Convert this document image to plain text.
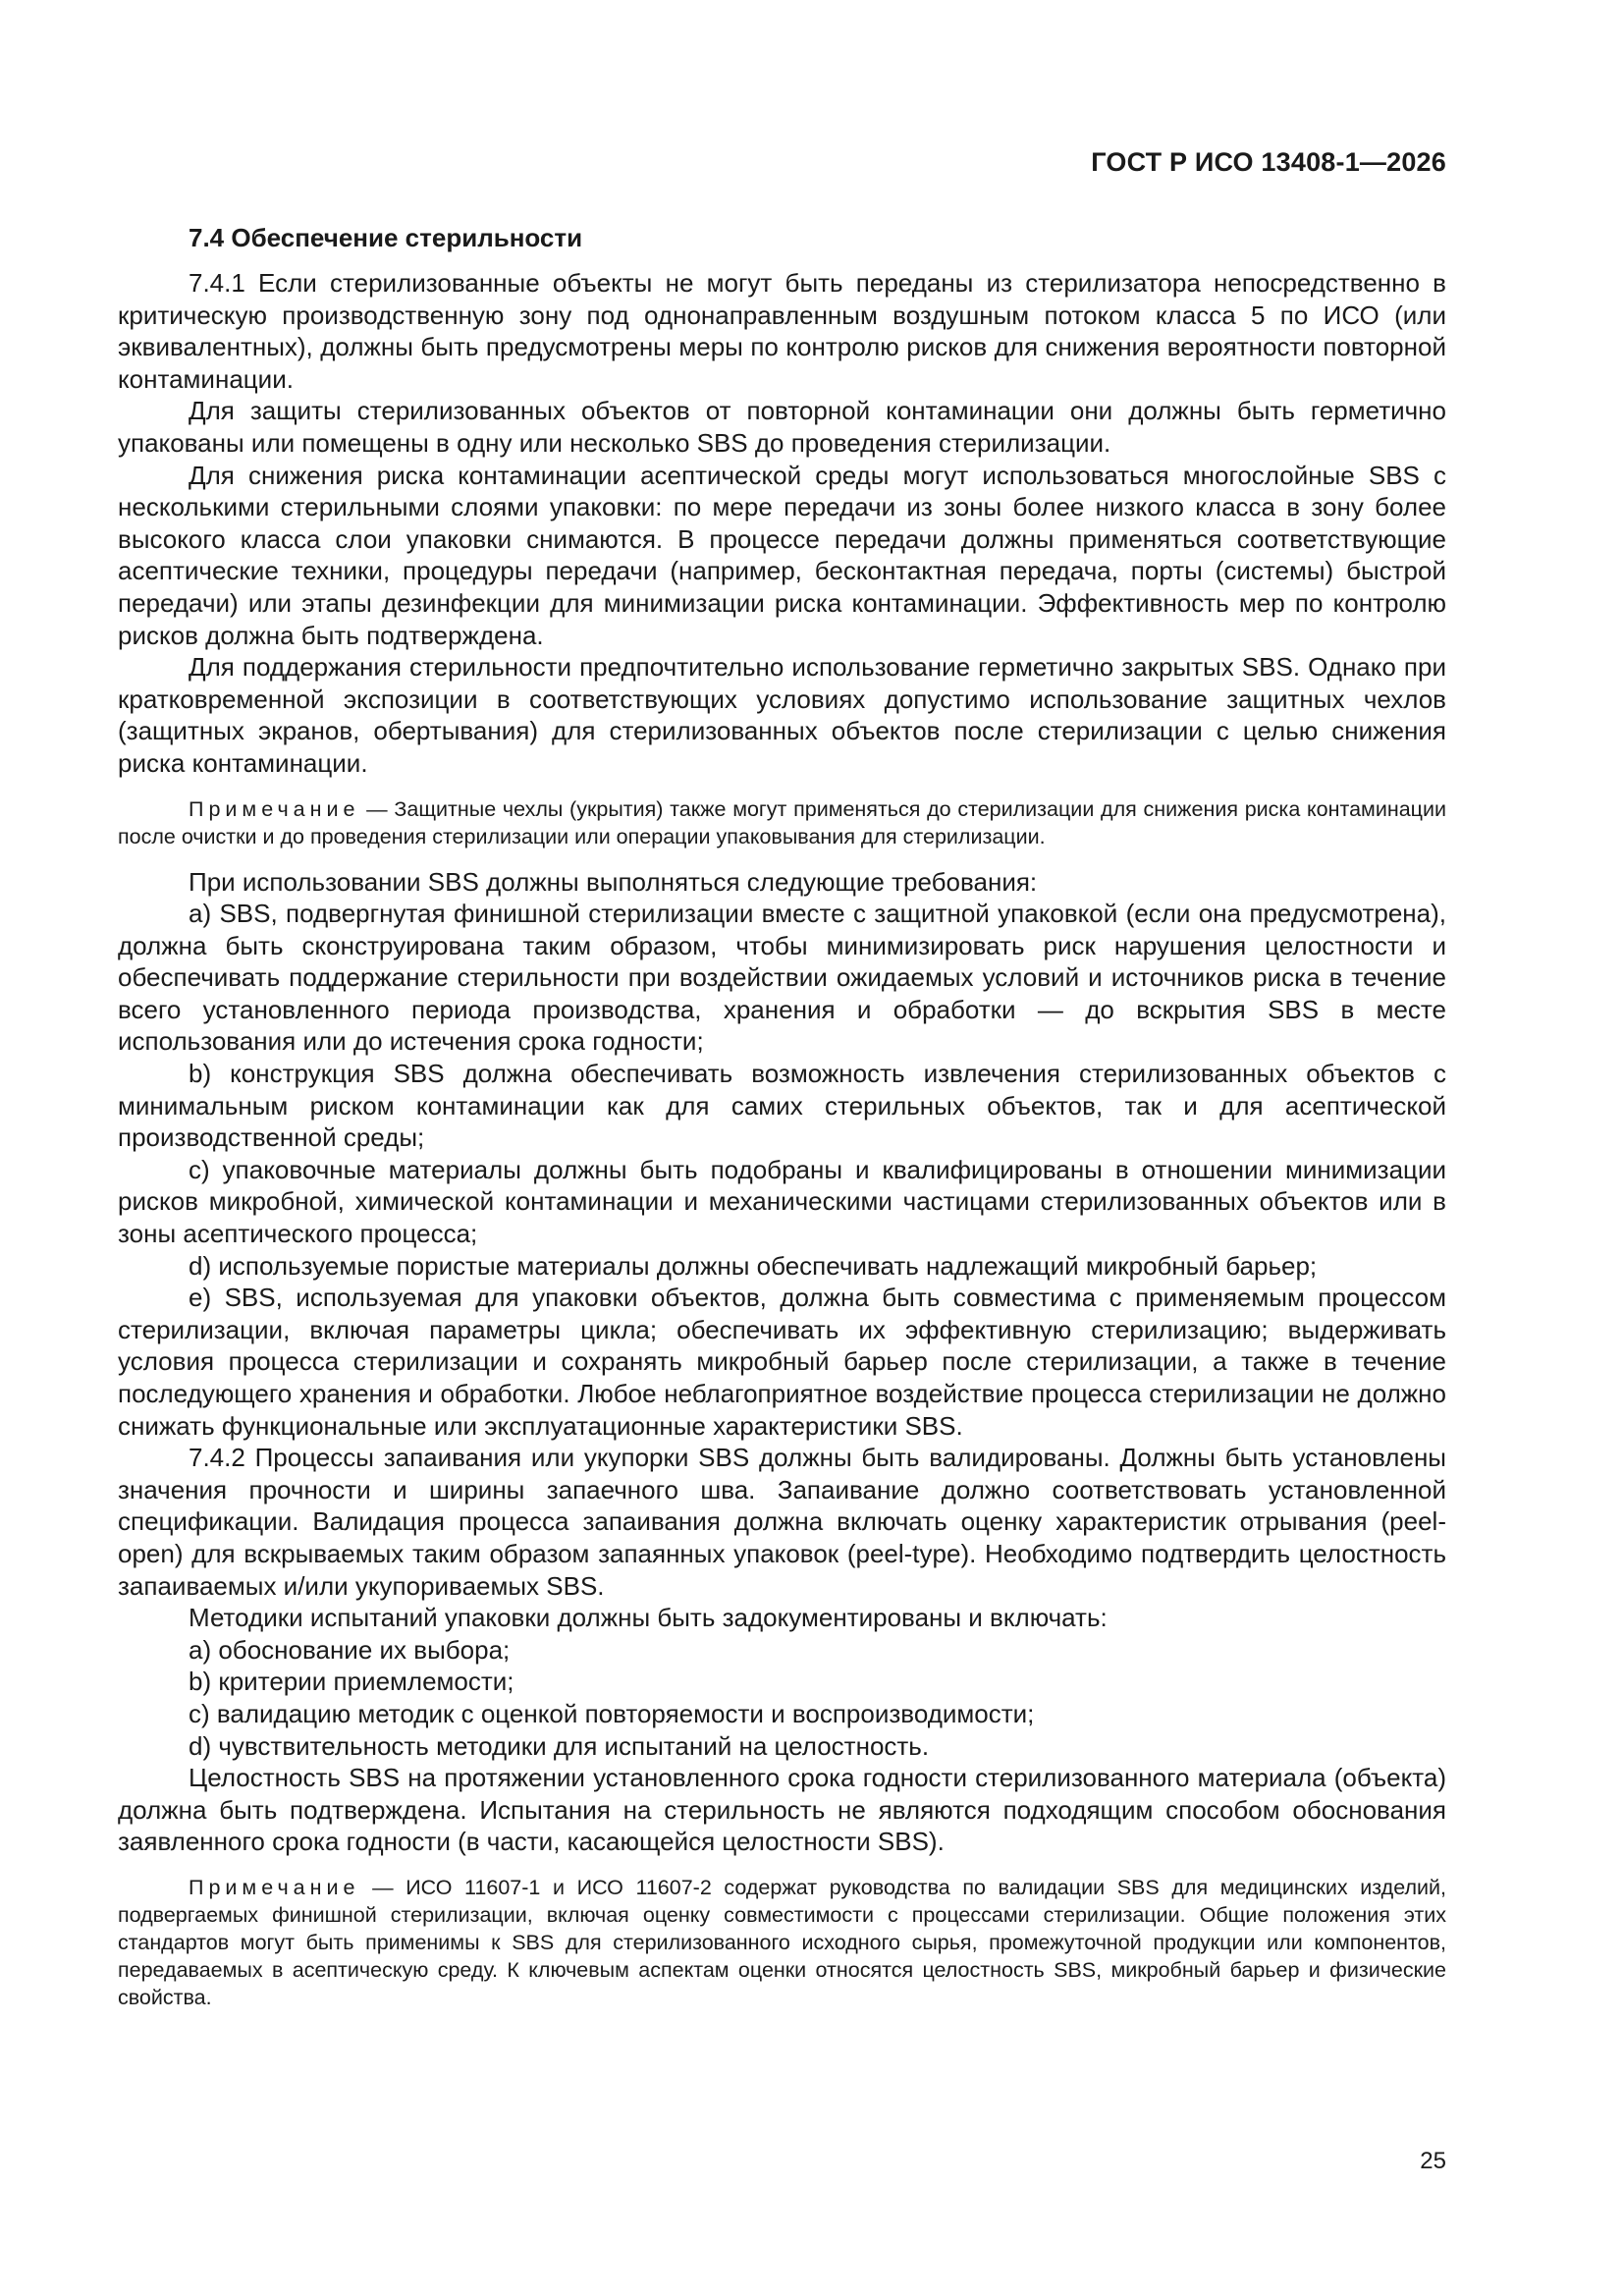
ГОСТ Р ИСО 13408-1—2026
7.4 Обеспечение стерильности

7.4.1 Если стерилизованные объекты не могут быть переданы из стерилизатора непосредственно в критическую производственную зону под однонаправленным воздушным потоком класса 5 по ИСО (или эквивалентных), должны быть предусмотрены меры по контролю рисков для снижения вероятности повторной контаминации.

Для защиты стерилизованных объектов от повторной контаминации они должны быть герметично упакованы или помещены в одну или несколько SBS до проведения стерилизации.

Для снижения риска контаминации асептической среды могут использоваться многослойные SBS с несколькими стерильными слоями упаковки: по мере передачи из зоны более низкого класса в зону более высокого класса слои упаковки снимаются. В процессе передачи должны применяться соответствующие асептические техники, процедуры передачи (например, бесконтактная передача, порты (системы) быстрой передачи) или этапы дезинфекции для минимизации риска контаминации. Эффективность мер по контролю рисков должна быть подтверждена.

Для поддержания стерильности предпочтительно использование герметично закрытых SBS. Однако при кратковременной экспозиции в соответствующих условиях допустимо использование защитных чехлов (защитных экранов, обертывания) для стерилизованных объектов после стерилизации с целью снижения риска контаминации.

Примечание — Защитные чехлы (укрытия) также могут применяться до стерилизации для снижения риска контаминации после очистки и до проведения стерилизации или операции упаковывания для стерилизации.

При использовании SBS должны выполняться следующие требования:

a) SBS, подвергнутая финишной стерилизации вместе с защитной упаковкой (если она предусмотрена), должна быть сконструирована таким образом, чтобы минимизировать риск нарушения целостности и обеспечивать поддержание стерильности при воздействии ожидаемых условий и источников риска в течение всего установленного периода производства, хранения и обработки — до вскрытия SBS в месте использования или до истечения срока годности;

b) конструкция SBS должна обеспечивать возможность извлечения стерилизованных объектов с минимальным риском контаминации как для самих стерильных объектов, так и для асептической производственной среды;

c) упаковочные материалы должны быть подобраны и квалифицированы в отношении минимизации рисков микробной, химической контаминации и механическими частицами стерилизованных объектов или в зоны асептического процесса;

d) используемые пористые материалы должны обеспечивать надлежащий микробный барьер;

e) SBS, используемая для упаковки объектов, должна быть совместима с применяемым процессом стерилизации, включая параметры цикла; обеспечивать их эффективную стерилизацию; выдерживать условия процесса стерилизации и сохранять микробный барьер после стерилизации, а также в течение последующего хранения и обработки. Любое неблагоприятное воздействие процесса стерилизации не должно снижать функциональные или эксплуатационные характеристики SBS.

7.4.2 Процессы запаивания или укупорки SBS должны быть валидированы. Должны быть установлены значения прочности и ширины запаечного шва. Запаивание должно соответствовать установленной спецификации. Валидация процесса запаивания должна включать оценку характеристик отрывания (peel-open) для вскрываемых таким образом запаянных упаковок (peel-type). Необходимо подтвердить целостность запаиваемых и/или укупориваемых SBS.

Методики испытаний упаковки должны быть задокументированы и включать:

a) обоснование их выбора;

b) критерии приемлемости;

c) валидацию методик с оценкой повторяемости и воспроизводимости;

d) чувствительность методики для испытаний на целостность.

Целостность SBS на протяжении установленного срока годности стерилизованного материала (объекта) должна быть подтверждена. Испытания на стерильность не являются подходящим способом обоснования заявленного срока годности (в части, касающейся целостности SBS).

Примечание — ИСО 11607-1 и ИСО 11607-2 содержат руководства по валидации SBS для медицинских изделий, подвергаемых финишной стерилизации, включая оценку совместимости с процессами стерилизации. Общие положения этих стандартов могут быть применимы к SBS для стерилизованного исходного сырья, промежуточной продукции или компонентов, передаваемых в асептическую среду. К ключевым аспектам оценки относятся целостность SBS, микробный барьер и физические свойства.

25
